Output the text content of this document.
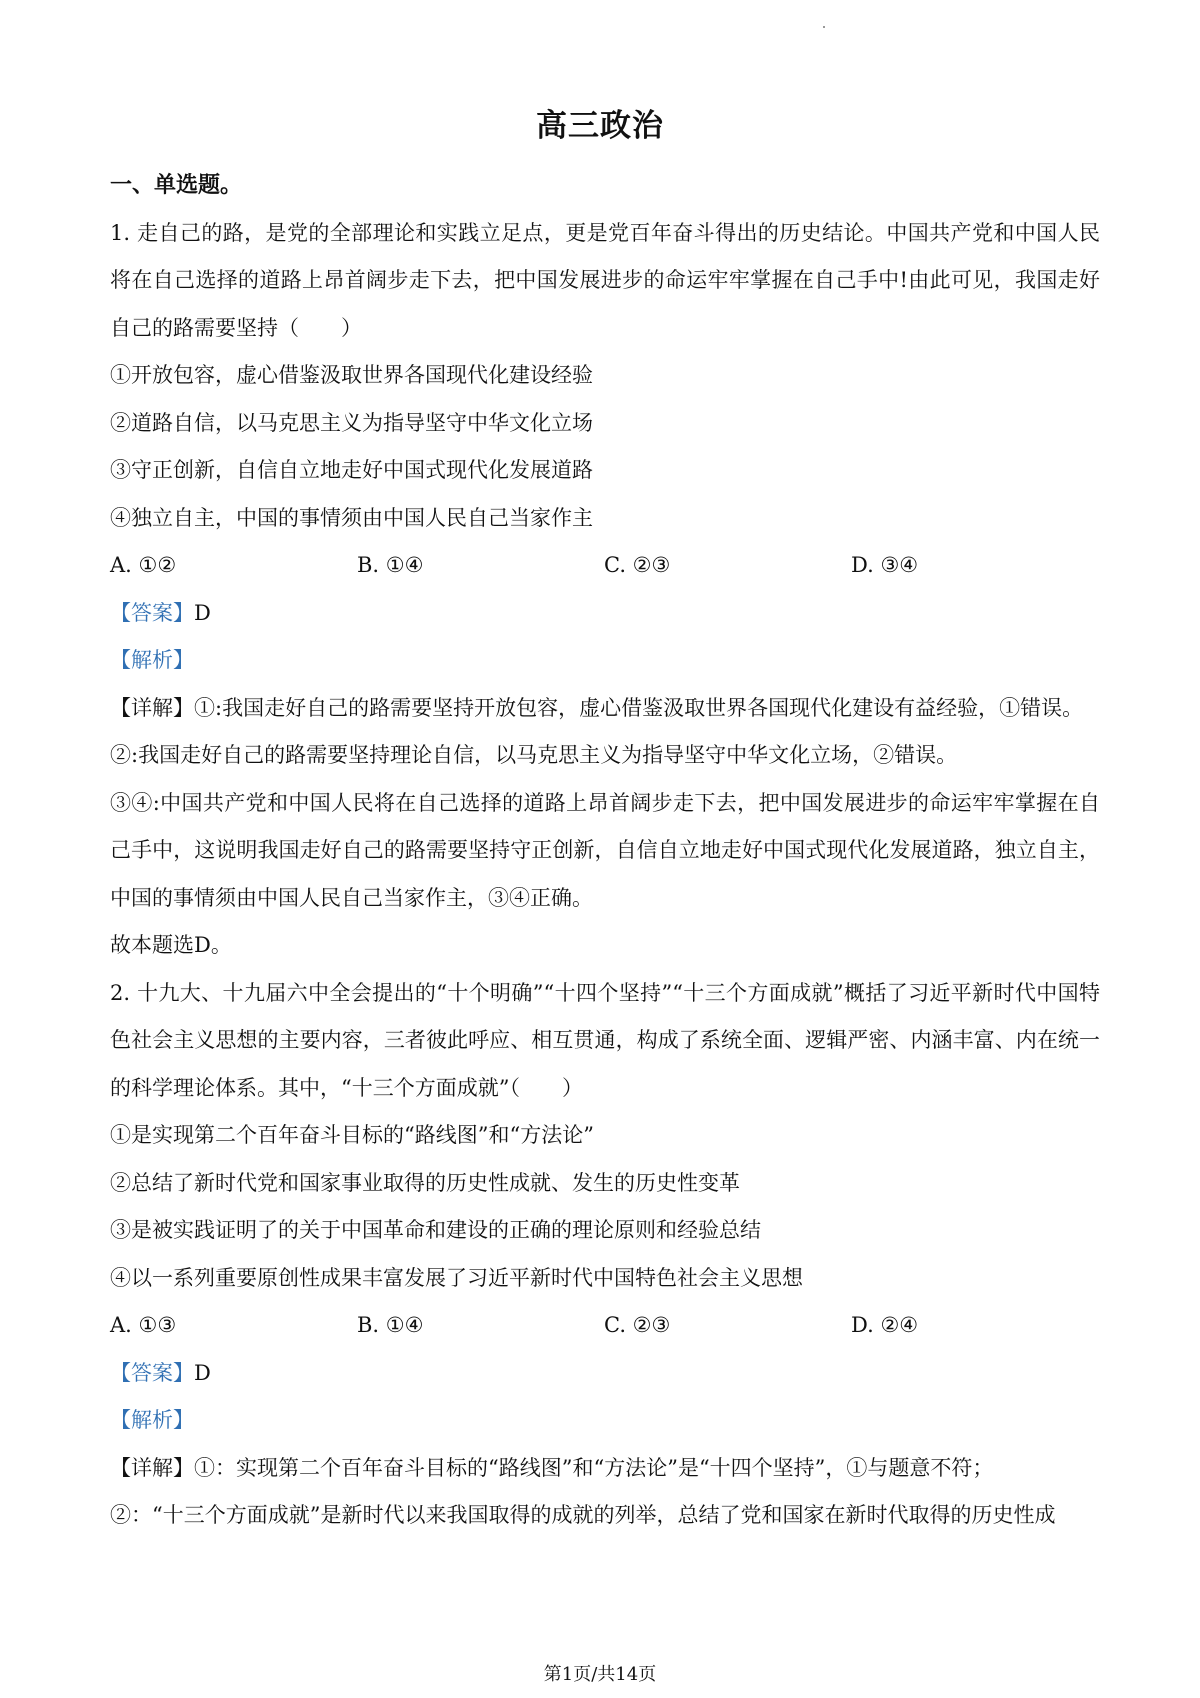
高三政治
一、单选题。
1. 走自己的路，是党的全部理论和实践立足点，更是党百年奋斗得出的历史结论。中国共产党和中国人民将在自己选择的道路上昂首阔步走下去，把中国发展进步的命运牢牢掌握在自己手中!由此可见，我国走好自己的路需要坚持（　　）
①开放包容，虚心借鉴汲取世界各国现代化建设经验
②道路自信，以马克思主义为指导坚守中华文化立场
③守正创新，自信自立地走好中国式现代化发展道路
④独立自主，中国的事情须由中国人民自己当家作主
A. ①②	B. ①④	C. ②③	D. ③④
【答案】D
【解析】
【详解】①:我国走好自己的路需要坚持开放包容，虚心借鉴汲取世界各国现代化建设有益经验，①错误。
②:我国走好自己的路需要坚持理论自信，以马克思主义为指导坚守中华文化立场，②错误。
③④:中国共产党和中国人民将在自己选择的道路上昂首阔步走下去，把中国发展进步的命运牢牢掌握在自己手中，这说明我国走好自己的路需要坚持守正创新，自信自立地走好中国式现代化发展道路，独立自主，中国的事情须由中国人民自己当家作主，③④正确。
故本题选D。
2. 十九大、十九届六中全会提出的“十个明确”“十四个坚持”“十三个方面成就”概括了习近平新时代中国特色社会主义思想的主要内容，三者彼此呼应、相互贯通，构成了系统全面、逻辑严密、内涵丰富、内在统一的科学理论体系。其中，“十三个方面成就”（　　）
①是实现第二个百年奋斗目标的“路线图”和“方法论”
②总结了新时代党和国家事业取得的历史性成就、发生的历史性变革
③是被实践证明了的关于中国革命和建设的正确的理论原则和经验总结
④以一系列重要原创性成果丰富发展了习近平新时代中国特色社会主义思想
A. ①③	B. ①④	C. ②③	D. ②④
【答案】D
【解析】
【详解】①：实现第二个百年奋斗目标的“路线图”和“方法论”是“十四个坚持”，①与题意不符；
②：“十三个方面成就”是新时代以来我国取得的成就的列举，总结了党和国家在新时代取得的历史性成
第1页/共14页
